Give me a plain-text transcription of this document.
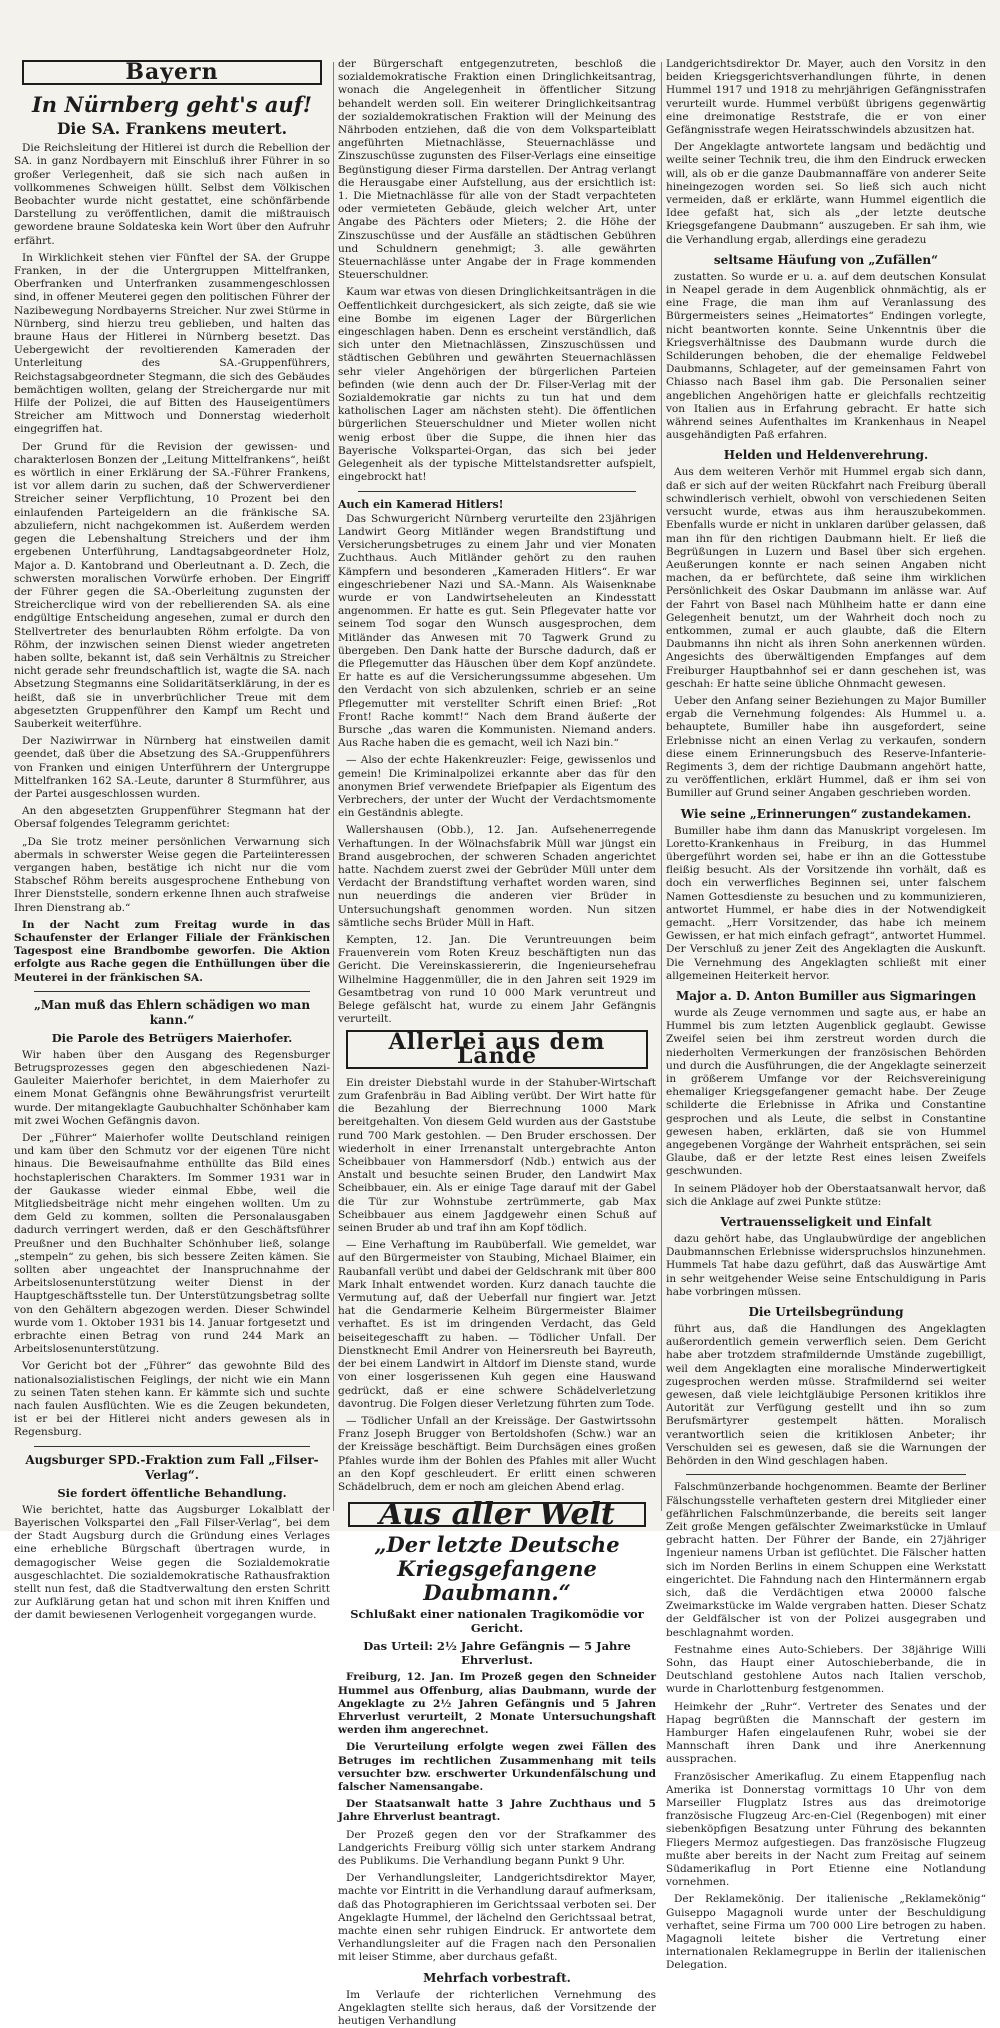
Bayern
In Nürnberg geht's auf!
Die SA. Frankens meutert.

Die Reichsleitung der Hitlerei ist durch die Rebellion der SA. in ganz Nordbayern mit Einschluß ihrer Führer in so großer Verlegenheit, daß sie sich nach außen in vollkommenes Schweigen hüllt. Selbst dem Völkischen Beobachter wurde nicht gestattet, eine schönfärbende Darstellung zu veröffentlichen, damit die mißtrauisch gewordene braune Soldateska kein Wort über den Aufruhr erfährt.

In Wirklichkeit stehen vier Fünftel der SA. der Gruppe Franken, in der die Untergruppen Mittelfranken, Oberfranken und Unterfranken zusammengeschlossen sind, in offener Meuterei gegen den politischen Führer der Nazibewegung Nordbayerns Streicher. Nur zwei Stürme in Nürnberg, sind hierzu treu geblieben, und halten das braune Haus der Hitlerei in Nürnberg besetzt. Das Uebergewicht der revoltierenden Kameraden der Unterleitung des SA.-Gruppenführers, Reichstagsabgeordneter Stegmann, die sich des Gebäudes bemächtigen wollten, gelang der Streichergarde nur mit Hilfe der Polizei, die auf Bitten des Hauseigentümers Streicher am Mittwoch und Donnerstag wiederholt eingegriffen hat.

Der Grund für die Revision der gewissen- und charakterlosen Bonzen der „Leitung Mittelfrankens“, heißt es wörtlich in einer Erklärung der SA.-Führer Frankens, ist vor allem darin zu suchen, daß der Schwerverdiener Streicher seiner Verpflichtung, 10 Prozent bei den einlaufenden Parteigeldern an die fränkische SA. abzuliefern, nicht nachgekommen ist. Außerdem werden gegen die Lebenshaltung Streichers und der ihm ergebenen Unterführung, Landtagsabgeordneter Holz, Major a. D. Kantobrand und Oberleutnant a. D. Zech, die schwersten moralischen Vorwürfe erhoben. Der Eingriff der Führer gegen die SA.-Oberleitung zugunsten der Streicherclique wird von der rebellierenden SA. als eine endgültige Entscheidung angesehen, zumal er durch den Stellvertreter des benurlaubten Röhm erfolgte. Da von Röhm, der inzwischen seinen Dienst wieder angetreten haben sollte, bekannt ist, daß sein Verhältnis zu Streicher nicht gerade sehr freundschaftlich ist, wagte die SA. nach Absetzung Stegmanns eine Solidaritätserklärung, in der es heißt, daß sie in unverbrüchlicher Treue mit dem abgesetzten Gruppenführer den Kampf um Recht und Sauberkeit weiterführe.

Der Naziwirrwar in Nürnberg hat einstweilen damit geendet, daß über die Absetzung des SA.-Gruppenführers von Franken und einigen Unterführern der Untergruppe Mittelfranken 162 SA.-Leute, darunter 8 Sturmführer, aus der Partei ausgeschlossen wurden.

An den abgesetzten Gruppenführer Stegmann hat der Obersaf folgendes Telegramm gerichtet:

„Da Sie trotz meiner persönlichen Verwarnung sich abermals in schwerster Weise gegen die Parteiinteressen vergangen haben, bestätige ich nicht nur die vom Stabschef Röhm bereits ausgesprochene Enthebung von Ihrer Dienststelle, sondern erkenne Ihnen auch strafweise Ihren Dienstrang ab.“

In der Nacht zum Freitag wurde in das Schaufenster der Erlanger Filiale der Fränkischen Tagespost eine Brandbombe geworfen. Die Aktion erfolgte aus Rache gegen die Enthüllungen über die Meuterei in der fränkischen SA.

„Man muß das Ehlern schädigen wo man kann.“
Die Parole des Betrügers Maierhofer.

Wir haben über den Ausgang des Regensburger Betrugsprozesses gegen den abgeschiedenen Nazi-Gauleiter Maierhofer berichtet, in dem Maierhofer zu einem Monat Gefängnis ohne Bewährungsfrist verurteilt wurde. Der mitangeklagte Gaubuchhalter Schönhaber kam mit zwei Wochen Gefängnis davon.

Der „Führer“ Maierhofer wollte Deutschland reinigen und kam über den Schmutz vor der eigenen Türe nicht hinaus. Die Beweisaufnahme enthüllte das Bild eines hochstaplerischen Charakters. Im Sommer 1931 war in der Gaukasse wieder einmal Ebbe, weil die Mitgliedsbeiträge nicht mehr eingehen wollten. Um zu dem Geld zu kommen, sollten die Personalausgaben dadurch verringert werden, daß er den Geschäftsführer Preußner und den Buchhalter Schönhuber ließ, solange „stempeln“ zu gehen, bis sich bessere Zeiten kämen. Sie sollten aber ungeachtet der Inanspruchnahme der Arbeitslosenunterstützung weiter Dienst in der Hauptgeschäftsstelle tun. Der Unterstützungsbetrag sollte von den Gehältern abgezogen werden. Dieser Schwindel wurde vom 1. Oktober 1931 bis 14. Januar fortgesetzt und erbrachte einen Betrag von rund 244 Mark an Arbeitslosenunterstützung.

Vor Gericht bot der „Führer“ das gewohnte Bild des nationalsozialistischen Feiglings, der nicht wie ein Mann zu seinen Taten stehen kann. Er kämmte sich und suchte nach faulen Ausflüchten. Wie es die Zeugen bekundeten, ist er bei der Hitlerei nicht anders gewesen als in Regensburg.

Augsburger SPD.-Fraktion zum Fall „Filser-Verlag“.
Sie fordert öffentliche Behandlung.

Wie berichtet, hatte das Augsburger Lokalblatt der Bayerischen Volkspartei den „Fall Filser-Verlag“, bei dem der Stadt Augsburg durch die Gründung eines Verlages eine erhebliche Bürgschaft übertragen wurde, in demagogischer Weise gegen die Sozialdemokratie ausgeschlachtet. Die sozialdemokratische Rathausfraktion stellt nun fest, daß die Stadtverwaltung den ersten Schritt zur Aufklärung getan hat und schon mit ihren Kniffen und der damit bewiesenen Verlogenheit vorgegangen wurde.

der Bürgerschaft entgegenzutreten, beschloß die sozialdemokratische Fraktion einen Dringlichkeitsantrag, wonach die Angelegenheit in öffentlicher Sitzung behandelt werden soll. Ein weiterer Dringlichkeitsantrag der sozialdemokratischen Fraktion will der Meinung des Nährboden entziehen, daß die von dem Volksparteiblatt angeführten Mietnachlässe, Steuernachlässe und Zinszuschüsse zugunsten des Filser-Verlags eine einseitige Begünstigung dieser Firma darstellen. Der Antrag verlangt die Herausgabe einer Aufstellung, aus der ersichtlich ist: 1. Die Mietnachlässe für alle von der Stadt verpachteten oder vermieteten Gebäude, gleich welcher Art, unter Angabe des Pächters oder Mieters; 2. die Höhe der Zinszuschüsse und der Ausfälle an städtischen Gebühren und Schuldnern genehmigt; 3. alle gewährten Steuernachlässe unter Angabe der in Frage kommenden Steuerschuldner.

Kaum war etwas von diesen Dringlichkeitsanträgen in die Oeffentlichkeit durchgesickert, als sich zeigte, daß sie wie eine Bombe im eigenen Lager der Bürgerlichen eingeschlagen haben. Denn es erscheint verständlich, daß sich unter den Mietnachlässen, Zinszuschüssen und städtischen Gebühren und gewährten Steuernachlässen sehr vieler Angehörigen der bürgerlichen Parteien befinden (wie denn auch der Dr. Filser-Verlag mit der Sozialdemokratie gar nichts zu tun hat und dem katholischen Lager am nächsten steht). Die öffentlichen bürgerlichen Steuerschuldner und Mieter wollen nicht wenig erbost über die Suppe, die ihnen hier das Bayerische Volkspartei-Organ, das sich bei jeder Gelegenheit als der typische Mittelstandsretter aufspielt, eingebrockt hat!

Auch ein Kamerad Hitlers!

Das Schwurgericht Nürnberg verurteilte den 23jährigen Landwirt Georg Mitländer wegen Brandstiftung und Versicherungsbetruges zu einem Jahr und vier Monaten Zuchthaus. Auch Mitländer gehört zu den rauhen Kämpfern und besonderen „Kameraden Hitlers“. Er war eingeschriebener Nazi und SA.-Mann. Als Waisenknabe wurde er von Landwirtseheleuten an Kindesstatt angenommen. Er hatte es gut. Sein Pflegevater hatte vor seinem Tod sogar den Wunsch ausgesprochen, dem Mitländer das Anwesen mit 70 Tagwerk Grund zu übergeben. Den Dank hatte der Bursche dadurch, daß er die Pflegemutter das Häuschen über dem Kopf anzündete. Er hatte es auf die Versicherungssumme abgesehen. Um den Verdacht von sich abzulenken, schrieb er an seine Pflegemutter mit verstellter Schrift einen Brief: „Rot Front! Rache kommt!“ Nach dem Brand äußerte der Bursche „das waren die Kommunisten. Niemand anders. Aus Rache haben die es gemacht, weil ich Nazi bin.“

— Also der echte Hakenkreuzler: Feige, gewissenlos und gemein! Die Kriminalpolizei erkannte aber das für den anonymen Brief verwendete Briefpapier als Eigentum des Verbrechers, der unter der Wucht der Verdachtsmomente ein Geständnis ablegte.

Wallershausen (Obb.), 12. Jan. Aufsehenerregende Verhaftungen. In der Wölnachsfabrik Müll war jüngst ein Brand ausgebrochen, der schweren Schaden angerichtet hatte. Nachdem zuerst zwei der Gebrüder Müll unter dem Verdacht der Brandstiftung verhaftet worden waren, sind nun neuerdings die anderen vier Brüder in Untersuchungshaft genommen worden. Nun sitzen sämtliche sechs Brüder Müll in Haft.

Kempten, 12. Jan. Die Veruntreuungen beim Frauenverein vom Roten Kreuz beschäftigten nun das Gericht. Die Vereinskassiererin, die Ingenieursehefrau Wilhelmine Haggenmüller, die in den Jahren seit 1929 im Gesamtbetrag von rund 10 000 Mark veruntreut und Belege gefälscht hat, wurde zu einem Jahr Gefängnis verurteilt.

Allerlei aus dem Lande

Ein dreister Diebstahl wurde in der Stahuber-Wirtschaft zum Grafenbräu in Bad Aibling verübt. Der Wirt hatte für die Bezahlung der Bierrechnung 1000 Mark bereitgehalten. Von diesem Geld wurden aus der Gaststube rund 700 Mark gestohlen. — Den Bruder erschossen. Der wiederholt in einer Irrenanstalt untergebrachte Anton Scheibbauer von Hammersdorf (Ndb.) entwich aus der Anstalt und besuchte seinen Bruder, den Landwirt Max Scheibbauer, ein. Als er einige Tage darauf mit der Gabel die Tür zur Wohnstube zertrümmerte, gab Max Scheibbauer aus einem Jagdgewehr einen Schuß auf seinen Bruder ab und traf ihn am Kopf tödlich.

— Eine Verhaftung im Raubüberfall. Wie gemeldet, war auf den Bürgermeister von Staubing, Michael Blaimer, ein Raubanfall verübt und dabei der Geldschrank mit über 800 Mark Inhalt entwendet worden. Kurz danach tauchte die Vermutung auf, daß der Ueberfall nur fingiert war. Jetzt hat die Gendarmerie Kelheim Bürgermeister Blaimer verhaftet. Es ist im dringenden Verdacht, das Geld beiseitegeschafft zu haben. — Tödlicher Unfall. Der Dienstknecht Emil Andrer von Heinersreuth bei Bayreuth, der bei einem Landwirt in Altdorf im Dienste stand, wurde von einer losgerissenen Kuh gegen eine Hauswand gedrückt, daß er eine schwere Schädelverletzung davontrug. Die Folgen dieser Verletzung führten zum Tode.

— Tödlicher Unfall an der Kreissäge. Der Gastwirtssohn Franz Joseph Brugger von Bertoldshofen (Schw.) war an der Kreissäge beschäftigt. Beim Durchsägen eines großen Pfahles wurde ihm der Bohlen des Pfahles mit aller Wucht an den Kopf geschleudert. Er erlitt einen schweren Schädelbruch, dem er noch am gleichen Abend erlag.

Aus aller Welt
„Der letzte Deutsche Kriegsgefangene Daubmann.“
Schlußakt einer nationalen Tragikomödie vor Gericht.
Das Urteil: 2½ Jahre Gefängnis — 5 Jahre Ehrverlust.

Freiburg, 12. Jan. Im Prozeß gegen den Schneider Hummel aus Offenburg, alias Daubmann, wurde der Angeklagte zu 2½ Jahren Gefängnis und 5 Jahren Ehrverlust verurteilt, 2 Monate Untersuchungshaft werden ihm angerechnet.

Die Verurteilung erfolgte wegen zwei Fällen des Betruges im rechtlichen Zusammenhang mit teils versuchter bzw. erschwerter Urkundenfälschung und falscher Namensangabe.

Der Staatsanwalt hatte 3 Jahre Zuchthaus und 5 Jahre Ehrverlust beantragt.

Der Prozeß gegen den vor der Strafkammer des Landgerichts Freiburg völlig sich unter starkem Andrang des Publikums. Die Verhandlung begann Punkt 9 Uhr.

Der Verhandlungsleiter, Landgerichtsdirektor Mayer, machte vor Eintritt in die Verhandlung darauf aufmerksam, daß das Photographieren im Gerichtssaal verboten sei. Der Angeklagte Hummel, der lächelnd den Gerichtssaal betrat, machte einen sehr ruhigen Eindruck. Er antwortete dem Verhandlungsleiter auf die Fragen nach den Personalien mit leiser Stimme, aber durchaus gefaßt.

Mehrfach vorbestraft.

Im Verlaufe der richterlichen Vernehmung des Angeklagten stellte sich heraus, daß der Vorsitzende der heutigen Verhandlung

Landgerichtsdirektor Dr. Mayer, auch den Vorsitz in den beiden Kriegsgerichtsverhandlungen führte, in denen Hummel 1917 und 1918 zu mehrjährigen Gefängnisstrafen verurteilt wurde. Hummel verbüßt übrigens gegenwärtig eine dreimonatige Reststrafe, die er von einer Gefängnisstrafe wegen Heiratsschwindels abzusitzen hat.

Der Angeklagte antwortete langsam und bedächtig und weilte seiner Technik treu, die ihm den Eindruck erwecken will, als ob er die ganze Daubmannaffäre von anderer Seite hineingezogen worden sei. So ließ sich auch nicht vermeiden, daß er erklärte, wann Hummel eigentlich die Idee gefaßt hat, sich als „der letzte deutsche Kriegsgefangene Daubmann“ auszugeben. Er sah ihm, wie die Verhandlung ergab, allerdings eine geradezu

seltsame Häufung von „Zufällen“

zustatten. So wurde er u. a. auf dem deutschen Konsulat in Neapel gerade in dem Augenblick ohnmächtig, als er eine Frage, die man ihm auf Veranlassung des Bürgermeisters seines „Heimatortes“ Endingen vorlegte, nicht beantworten konnte. Seine Unkenntnis über die Kriegsverhältnisse des Daubmann wurde durch die Schilderungen behoben, die der ehemalige Feldwebel Daubmanns, Schlageter, auf der gemeinsamen Fahrt von Chiasso nach Basel ihm gab. Die Personalien seiner angeblichen Angehörigen hatte er gleichfalls rechtzeitig von Italien aus in Erfahrung gebracht. Er hatte sich während seines Aufenthaltes im Krankenhaus in Neapel ausgehändigten Paß erfahren.

Helden und Heldenverehrung.

Aus dem weiteren Verhör mit Hummel ergab sich dann, daß er sich auf der weiten Rückfahrt nach Freiburg überall schwindlerisch verhielt, obwohl von verschiedenen Seiten versucht wurde, etwas aus ihm herauszubekommen. Ebenfalls wurde er nicht in unklaren darüber gelassen, daß man ihn für den richtigen Daubmann hielt. Er ließ die Begrüßungen in Luzern und Basel über sich ergehen. Aeußerungen konnte er nach seinen Angaben nicht machen, da er befürchtete, daß seine ihm wirklichen Persönlichkeit des Oskar Daubmann im anlässe war. Auf der Fahrt von Basel nach Mühlheim hatte er dann eine Gelegenheit benutzt, um der Wahrheit doch noch zu entkommen, zumal er auch glaubte, daß die Eltern Daubmanns ihn nicht als ihren Sohn anerkennen würden. Angesichts des überwältigenden Empfanges auf dem Freiburger Hauptbahnhof sei er dann geschehen ist, was geschah: Er hatte seine übliche Ohnmacht gewesen.

Ueber den Anfang seiner Beziehungen zu Major Bumiller ergab die Vernehmung folgendes: Als Hummel u. a. behauptete, Bumiller habe ihn ausgefordert, seine Erlebnisse nicht an einen Verlag zu verkaufen, sondern diese einem Erinnerungsbuch des Reserve-Infanterie-Regiments 3, dem der richtige Daubmann angehört hatte, zu veröffentlichen, erklärt Hummel, daß er ihm sei von Bumiller auf Grund seiner Angaben geschrieben worden.

Wie seine „Erinnerungen“ zustandekamen.

Bumiller habe ihm dann das Manuskript vorgelesen. Im Loretto-Krankenhaus in Freiburg, in das Hummel übergeführt worden sei, habe er ihn an die Gottesstube fleißig besucht. Als der Vorsitzende ihn vorhält, daß es doch ein verwerfliches Beginnen sei, unter falschem Namen Gottesdienste zu besuchen und zu kommunizieren, antwortet Hummel, er habe dies in der Notwendigkeit gemacht. „Herr Vorsitzender, das habe ich meinem Gewissen, er hat mich einfach gefragt“, antwortet Hummel. Der Verschluß zu jener Zeit des Angeklagten die Auskunft. Die Vernehmung des Angeklagten schließt mit einer allgemeinen Heiterkeit hervor.

Major a. D. Anton Bumiller aus Sigmaringen

wurde als Zeuge vernommen und sagte aus, er habe an Hummel bis zum letzten Augenblick geglaubt. Gewisse Zweifel seien bei ihm zerstreut worden durch die niederholten Vermerkungen der französischen Behörden und durch die Ausführungen, die der Angeklagte seinerzeit in größerem Umfange vor der Reichsvereinigung ehemaliger Kriegsgefangener gemacht habe. Der Zeuge schilderte die Erlebnisse in Afrika und Constantine gesprochen und als Leute, die selbst in Constantine gewesen haben, erklärten, daß sie von Hummel angegebenen Vorgänge der Wahrheit entsprächen, sei sein Glaube, daß er der letzte Rest eines leisen Zweifels geschwunden.

In seinem Plädoyer hob der Oberstaatsanwalt hervor, daß sich die Anklage auf zwei Punkte stütze:

Vertrauensseligkeit und Einfalt

dazu gehört habe, das Unglaubwürdige der angeblichen Daubmannschen Erlebnisse widerspruchslos hinzunehmen. Hummels Tat habe dazu geführt, daß das Auswärtige Amt in sehr weitgehender Weise seine Entschuldigung in Paris habe vorbringen müssen.

Die Urteilsbegründung

führt aus, daß die Handlungen des Angeklagten außerordentlich gemein verwerflich seien. Dem Gericht habe aber trotzdem strafmildernde Umstände zugebilligt, weil dem Angeklagten eine moralische Minderwertigkeit zugesprochen werden müsse. Strafmildernd sei weiter gewesen, daß viele leichtgläubige Personen kritiklos ihre Autorität zur Verfügung gestellt und ihn so zum Berufsmärtyrer gestempelt hätten. Moralisch verantwortlich seien die kritiklosen Anbeter; ihr Verschulden sei es gewesen, daß sie die Warnungen der Behörden in den Wind geschlagen haben.

Falschmünzerbande hochgenommen. Beamte der Berliner Fälschungsstelle verhafteten gestern drei Mitglieder einer gefährlichen Falschmünzerbande, die bereits seit langer Zeit große Mengen gefälschter Zweimarkstücke in Umlauf gebracht hatten. Der Führer der Bande, ein 27jähriger Ingenieur namens Urban ist geflüchtet. Die Fälscher hatten sich im Norden Berlins in einem Schuppen eine Werkstatt eingerichtet. Die Fahndung nach den Hintermännern ergab sich, daß die Verdächtigen etwa 20000 falsche Zweimarkstücke im Walde vergraben hatten. Dieser Schatz der Geldfälscher ist von der Polizei ausgegraben und beschlagnahmt worden.

Festnahme eines Auto-Schiebers. Der 38jährige Willi Sohn, das Haupt einer Autoschieberbande, die in Deutschland gestohlene Autos nach Italien verschob, wurde in Charlottenburg festgenommen.

Heimkehr der „Ruhr“. Vertreter des Senates und der Hapag begrüßten die Mannschaft der gestern im Hamburger Hafen eingelaufenen Ruhr, wobei sie der Mannschaft ihren Dank und ihre Anerkennung aussprachen.

Französischer Amerikaflug. Zu einem Etappenflug nach Amerika ist Donnerstag vormittags 10 Uhr von dem Marseiller Flugplatz Istres aus das dreimotorige französische Flugzeug Arc-en-Ciel (Regenbogen) mit einer siebenköpfigen Besatzung unter Führung des bekannten Fliegers Mermoz aufgestiegen. Das französische Flugzeug mußte aber bereits in der Nacht zum Freitag auf seinem Südamerikaflug in Port Etienne eine Notlandung vornehmen.

Der Reklamekönig. Der italienische „Reklamekönig“ Guiseppo Magagnoli wurde unter der Beschuldigung verhaftet, seine Firma um 700 000 Lire betrogen zu haben. Magagnoli leitete bisher die Vertretung einer internationalen Reklamegruppe in Berlin der italienischen Delegation.
